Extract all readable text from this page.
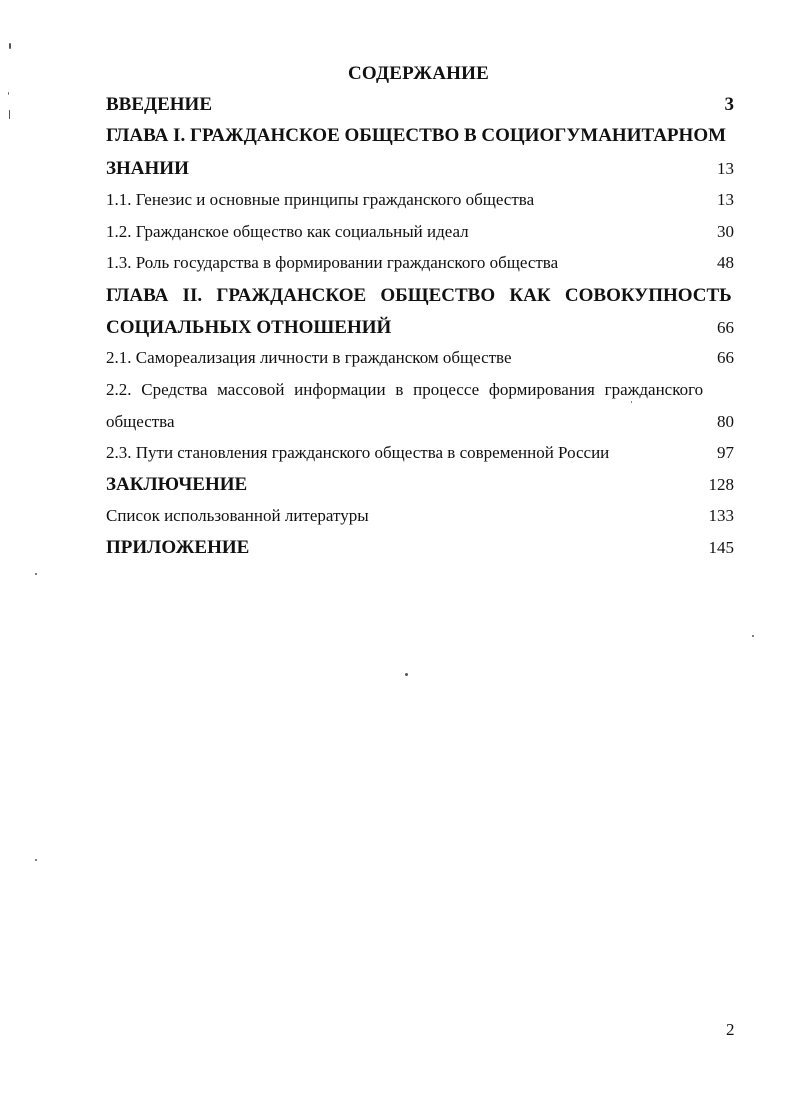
СОДЕРЖАНИЕ
ВВЕДЕНИЕ	3
ГЛАВА I. ГРАЖДАНСКОЕ ОБЩЕСТВО В СОЦИОГУМАНИТАРНОМ
ЗНАНИИ	13
1.1. Генезис и основные принципы гражданского общества	13
1.2. Гражданское общество как социальный идеал	30
1.3. Роль государства в формировании гражданского общества	48
ГЛАВА II. ГРАЖДАНСКОЕ ОБЩЕСТВО КАК СОВОКУПНОСТЬ
СОЦИАЛЬНЫХ ОТНОШЕНИЙ	66
2.1. Самореализация личности в гражданском обществе	66
2.2. Средства массовой информации в процессе формирования гражданского
общества	80
2.3. Пути становления гражданского общества в современной России	97
ЗАКЛЮЧЕНИЕ	128
Список использованной литературы	133
ПРИЛОЖЕНИЕ	145
2
